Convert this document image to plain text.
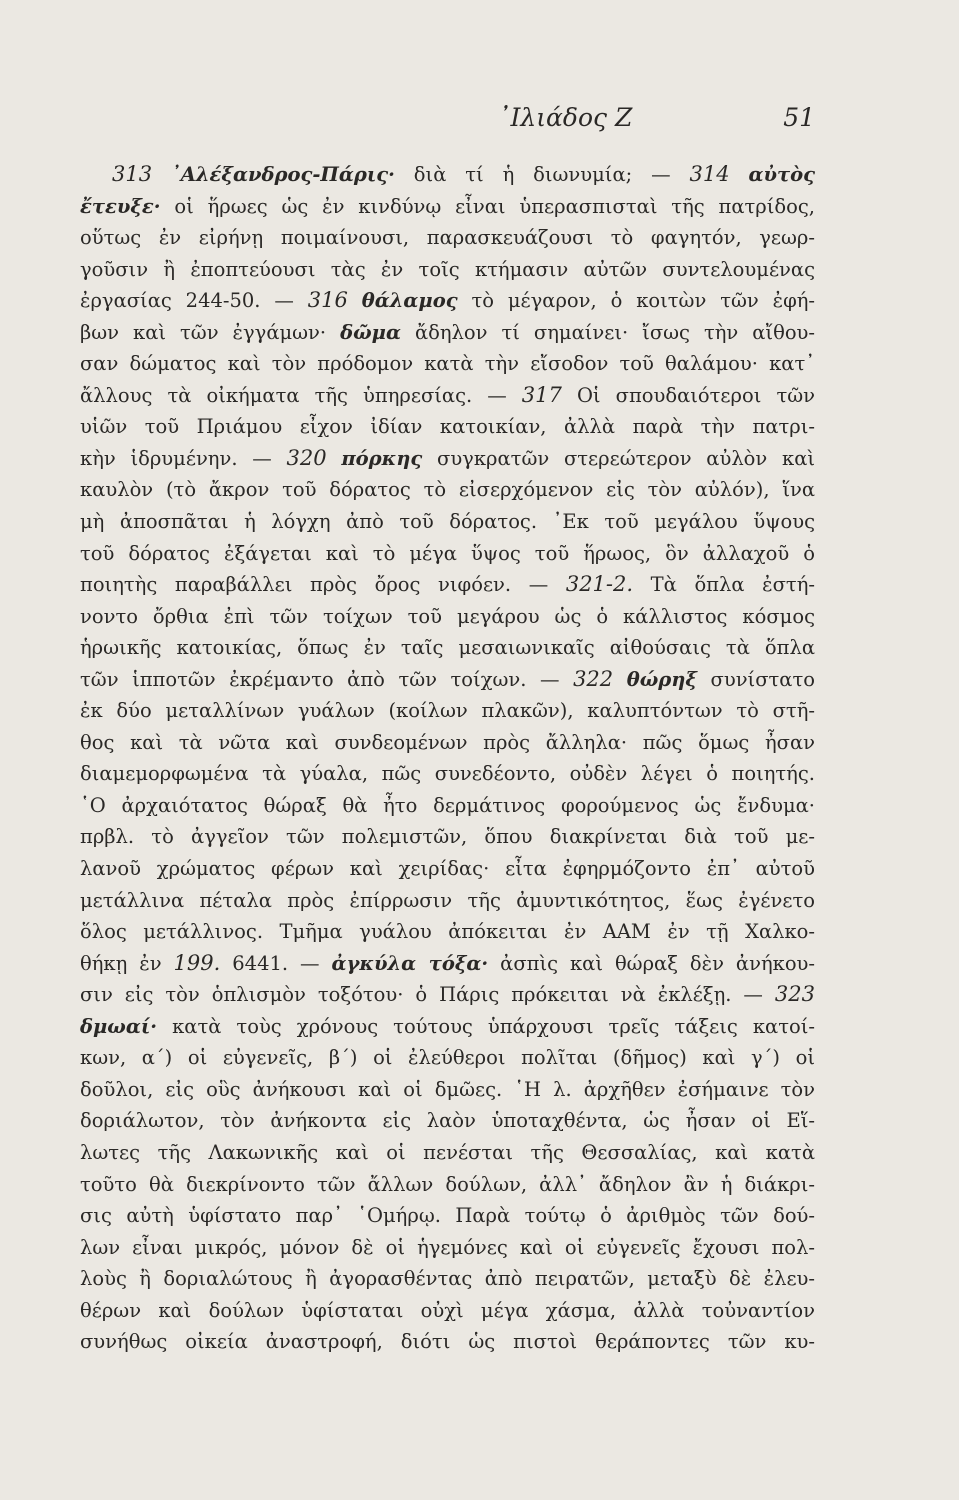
᾿Ιλιάδος Ζ	51
313 ᾿Αλέξανδρος-Πάρις· διὰ τί ἡ διωνυμία; — 314 αὐτὸς
ἔτευξε· οἱ ἥρωες ὡς ἐν κινδύνῳ εἶναι ὑπερασπισταὶ τῆς πατρίδος,
οὕτως ἐν εἰρήνῃ ποιμαίνουσι, παρασκευάζουσι τὸ φαγητόν, γεωρ-
γοῦσιν ἢ ἐποπτεύουσι τὰς ἐν τοῖς κτήμασιν αὐτῶν συντελουμένας
ἐργασίας 244-50. — 316 θάλαμος τὸ μέγαρον, ὁ κοιτὼν τῶν ἐφή-
βων καὶ τῶν ἐγγάμων· δῶμα ἄδηλον τί σημαίνει· ἴσως τὴν αἴθου-
σαν δώματος καὶ τὸν πρόδομον κατὰ τὴν εἴσοδον τοῦ θαλάμου· κατ᾿
ἄλλους τὰ οἰκήματα τῆς ὑπηρεσίας. — 317 Οἱ σπουδαιότεροι τῶν
υἱῶν τοῦ Πριάμου εἶχον ἰδίαν κατοικίαν, ἀλλὰ παρὰ τὴν πατρι-
κὴν ἱδρυμένην. — 320 πόρκης συγκρατῶν στερεώτερον αὐλὸν καὶ
καυλὸν (τὸ ἄκρον τοῦ δόρατος τὸ εἰσερχόμενον εἰς τὸν αὐλόν), ἵνα
μὴ ἀποσπᾶται ἡ λόγχη ἀπὸ τοῦ δόρατος. ᾿Εκ τοῦ μεγάλου ὕψους
τοῦ δόρατος ἐξάγεται καὶ τὸ μέγα ὕψος τοῦ ἥρωος, ὃν ἀλλαχοῦ ὁ
ποιητὴς παραβάλλει πρὸς ὄρος νιφόεν. — 321-2. Τὰ ὅπλα ἐστή-
νοντο ὄρθια ἐπὶ τῶν τοίχων τοῦ μεγάρου ὡς ὁ κάλλιστος κόσμος
ἡρωικῆς κατοικίας, ὅπως ἐν ταῖς μεσαιωνικαῖς αἰθούσαις τὰ ὅπλα
τῶν ἱπποτῶν ἐκρέμαντο ἀπὸ τῶν τοίχων. — 322 θώρηξ συνίστατο
ἐκ δύο μεταλλίνων γυάλων (κοίλων πλακῶν), καλυπτόντων τὸ στῆ-
θος καὶ τὰ νῶτα καὶ συνδεομένων πρὸς ἄλληλα· πῶς ὅμως ἦσαν
διαμεμορφωμένα τὰ γύαλα, πῶς συνεδέοντο, οὐδὲν λέγει ὁ ποιητής.
῾Ο ἀρχαιότατος θώραξ θὰ ἦτο δερμάτινος φορούμενος ὡς ἔνδυμα·
πρβλ. τὸ ἀγγεῖον τῶν πολεμιστῶν, ὅπου διακρίνεται διὰ τοῦ με-
λανοῦ χρώματος φέρων καὶ χειρίδας· εἶτα ἐφηρμόζοντο ἐπ᾿ αὐτοῦ
μετάλλινα πέταλα πρὸς ἐπίρρωσιν τῆς ἀμυντικότητος, ἕως ἐγένετο
ὅλος μετάλλινος. Τμῆμα γυάλου ἀπόκειται ἐν ΑΑΜ ἐν τῇ Χαλκο-
θήκῃ ἐν 199. 6441. — ἀγκύλα τόξα· ἀσπὶς καὶ θώραξ δὲν ἀνήκου-
σιν εἰς τὸν ὁπλισμὸν τοξότου· ὁ Πάρις πρόκειται νὰ ἐκλέξῃ. — 323
δμωαί· κατὰ τοὺς χρόνους τούτους ὑπάρχουσι τρεῖς τάξεις κατοί-
κων, α΄) οἱ εὐγενεῖς, β΄) οἱ ἐλεύθεροι πολῖται (δῆμος) καὶ γ΄) οἱ
δοῦλοι, εἰς οὓς ἀνήκουσι καὶ οἱ δμῶες. ῾Η λ. ἀρχῆθεν ἐσήμαινε τὸν
δοριάλωτον, τὸν ἀνήκοντα εἰς λαὸν ὑποταχθέντα, ὡς ἦσαν οἱ Εἵ-
λωτες τῆς Λακωνικῆς καὶ οἱ πενέσται τῆς Θεσσαλίας, καὶ κατὰ
τοῦτο θὰ διεκρίνοντο τῶν ἄλλων δούλων, ἀλλ᾿ ἄδηλον ἂν ἡ διάκρι-
σις αὐτὴ ὑφίστατο παρ᾿ ῾Ομήρῳ. Παρὰ τούτῳ ὁ ἀριθμὸς τῶν δού-
λων εἶναι μικρός, μόνον δὲ οἱ ἡγεμόνες καὶ οἱ εὐγενεῖς ἔχουσι πολ-
λοὺς ἢ δοριαλώτους ἢ ἀγορασθέντας ἀπὸ πειρατῶν, μεταξὺ δὲ ἐλευ-
θέρων καὶ δούλων ὑφίσταται οὐχὶ μέγα χάσμα, ἀλλὰ τοὐναντίον
συνήθως οἰκεία ἀναστροφή, διότι ὡς πιστοὶ θεράποντες τῶν κυ-
